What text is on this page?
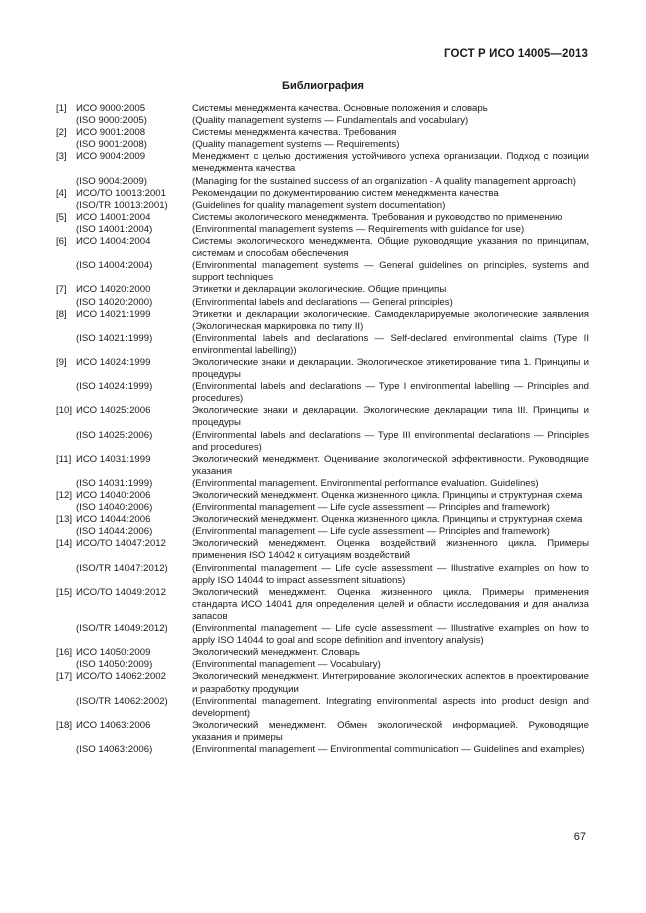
ГОСТ Р ИСО 14005—2013
Библиография
[1] ИСО 9000:2005	Системы менеджмента качества. Основные положения и словарь
(ISO 9000:2005)	(Quality management systems — Fundamentals and vocabulary)
[2] ИСО 9001:2008	Системы менеджмента качества. Требования
(ISO 9001:2008)	(Quality management systems — Requirements)
[3] ИСО 9004:2009	Менеджмент с целью достижения устойчивого успеха организации. Подход с позиции менеджмента качества
(ISO 9004:2009)	(Managing for the sustained success of an organization - A quality management approach)
[4] ИСО/ТО 10013:2001	Рекомендации по документированию систем менеджмента качества
(ISO/TR 10013:2001)	(Guidelines for quality management system documentation)
[5] ИСО 14001:2004	Системы экологического менеджмента. Требования и руководство по применению
(ISO 14001:2004)	(Environmental management systems — Requirements with guidance for use)
[6] ИСО 14004:2004	Системы экологического менеджмента. Общие руководящие указания по принципам, системам и способам обеспечения
(ISO 14004:2004)	(Environmental management systems — General guidelines on principles, systems and support techniques
[7] ИСО 14020:2000	Этикетки и декларации экологические. Общие принципы
(ISO 14020:2000)	(Environmental labels and declarations — General principles)
[8] ИСО 14021:1999	Этикетки и декларации экологические. Самодекларируемые экологические заявления (Экологическая маркировка по типу II)
(ISO 14021:1999)	(Environmental labels and declarations — Self-declared environmental claims (Type II environmental labelling))
[9] ИСО 14024:1999	Экологические знаки и декларации. Экологическое этикетирование типа 1. Принципы и процедуры
(ISO 14024:1999)	(Environmental labels and declarations — Type I environmental labelling — Principles and procedures)
[10] ИСО 14025:2006	Экологические знаки и декларации. Экологические декларации типа III. Принципы и процедуры
(ISO 14025:2006)	(Environmental labels and declarations — Type III environmental declarations — Principles and procedures)
[11] ИСО 14031:1999	Экологический менеджмент. Оценивание экологической эффективности. Руководящие указания
(ISO 14031:1999)	(Environmental management. Environmental performance evaluation. Guidelines)
[12] ИСО 14040:2006	Экологический менеджмент. Оценка жизненного цикла. Принципы и структурная схема
(ISO 14040:2006)	(Environmental management — Life cycle assessment — Principles and framework)
[13] ИСО 14044:2006	Экологический менеджмент. Оценка жизненного цикла. Принципы и структурная схема
(ISO 14044:2006)	(Environmental management — Life cycle assessment — Principles and framework)
[14] ИСО/ТО 14047:2012	Экологический менеджмент. Оценка воздействий жизненного цикла. Примеры применения ISO 14042 к ситуациям воздействий
(ISO/TR 14047:2012)	(Environmental management — Life cycle assessment — Illustrative examples on how to apply ISO 14044 to impact assessment situations)
[15] ИСО/ТО 14049:2012	Экологический менеджмент. Оценка жизненного цикла. Примеры применения стандарта ИСО 14041 для определения целей и области исследования и для анализа запасов
(ISO/TR 14049:2012)	(Environmental management — Life cycle assessment — Illustrative examples on how to apply ISO 14044 to goal and scope definition and inventory analysis)
[16] ИСО 14050:2009	Экологический менеджмент. Словарь
(ISO 14050:2009)	(Environmental management — Vocabulary)
[17] ИСО/ТО 14062:2002	Экологический менеджмент. Интегрирование экологических аспектов в проектирование и разработку продукции
(ISO/TR 14062:2002)	(Environmental management. Integrating environmental aspects into product design and development)
[18] ИСО 14063:2006	Экологический менеджмент. Обмен экологической информацией. Руководящие указания и примеры
(ISO 14063:2006)	(Environmental management — Environmental communication — Guidelines and examples)
67
